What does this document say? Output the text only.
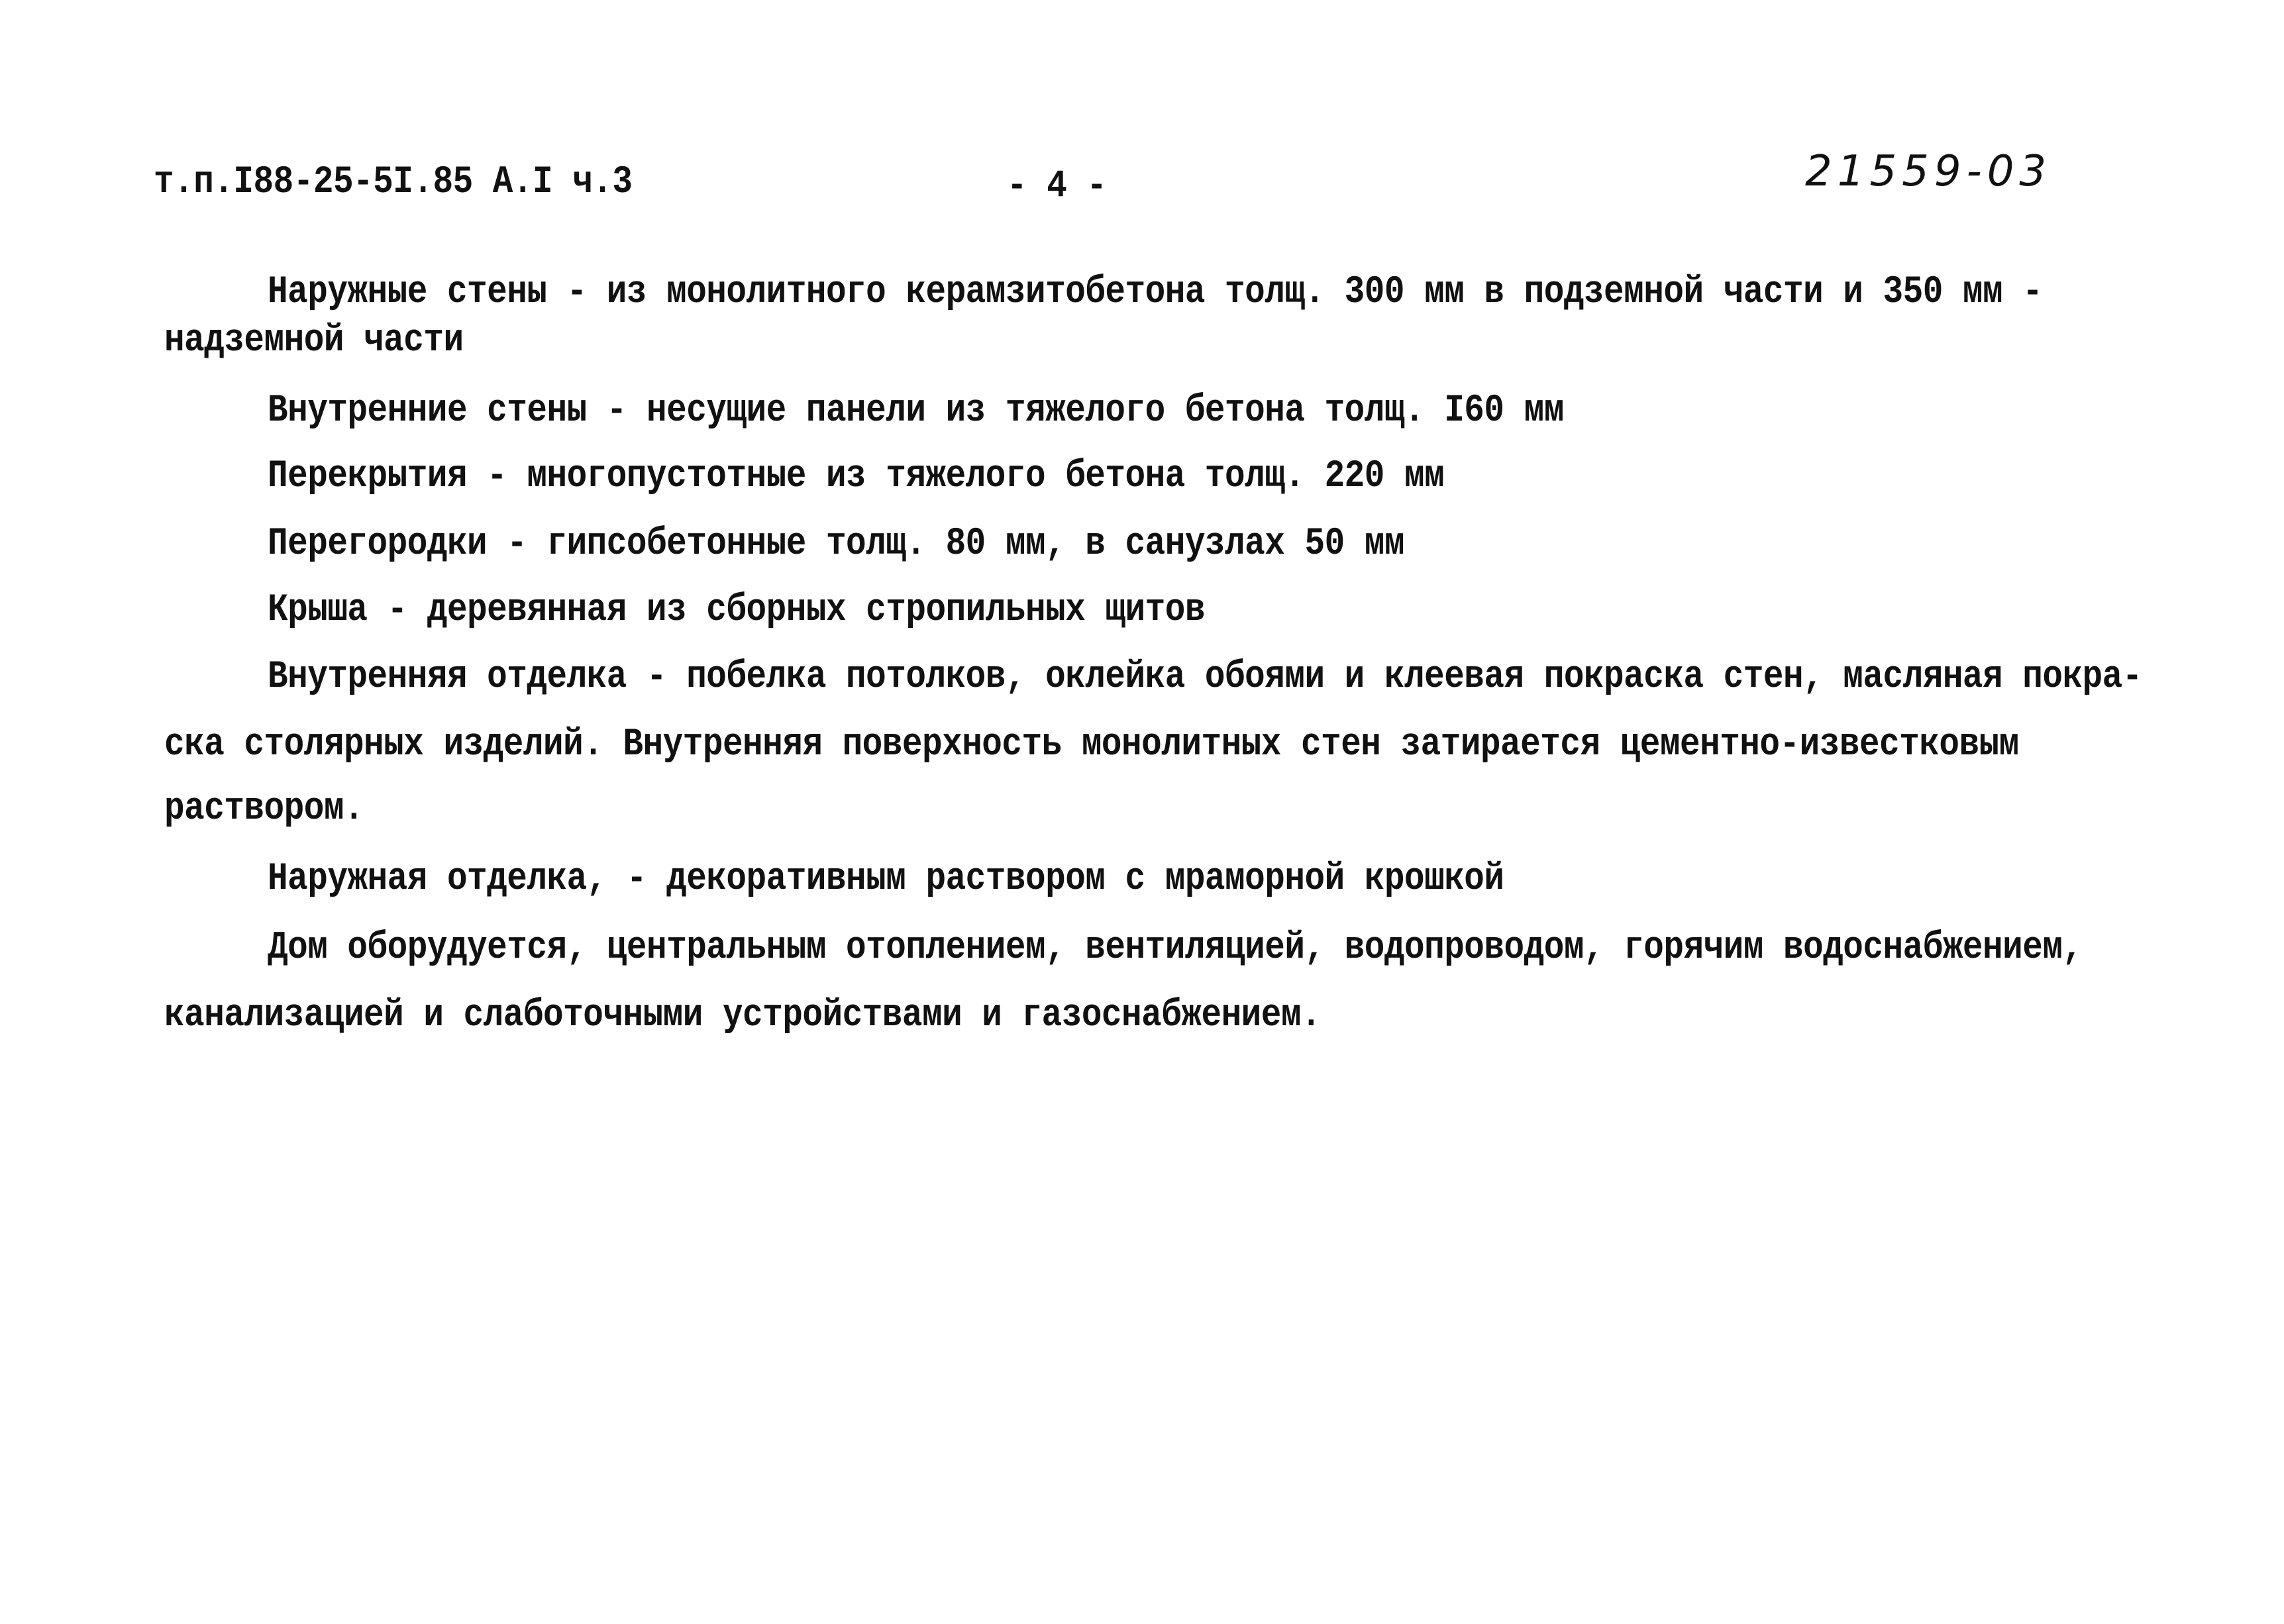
т.п.I88-25-5I.85 А.I ч.3	- 4 -	21559-03
Наружные стены - из монолитного керамзитобетона толщ. 300 мм в подземной части и 350 мм -
надземной части
Внутренние стены - несущие панели из тяжелого бетона толщ. I60 мм
Перекрытия - многопустотные из тяжелого бетона толщ. 220 мм
Перегородки - гипсобетонные толщ. 80 мм, в санузлах 50 мм
Крыша - деревянная из сборных стропильных щитов
Внутренняя отделка - побелка потолков, оклейка обоями и клеевая покраска стен, масляная покра-
ска столярных изделий. Внутренняя поверхность монолитных стен затирается цементно-известковым
раствором.
Наружная отделка, - декоративным раствором с мраморной крошкой
Дом оборудуется, центральным отоплением, вентиляцией, водопроводом, горячим водоснабжением,
канализацией и слаботочными устройствами и газоснабжением.
